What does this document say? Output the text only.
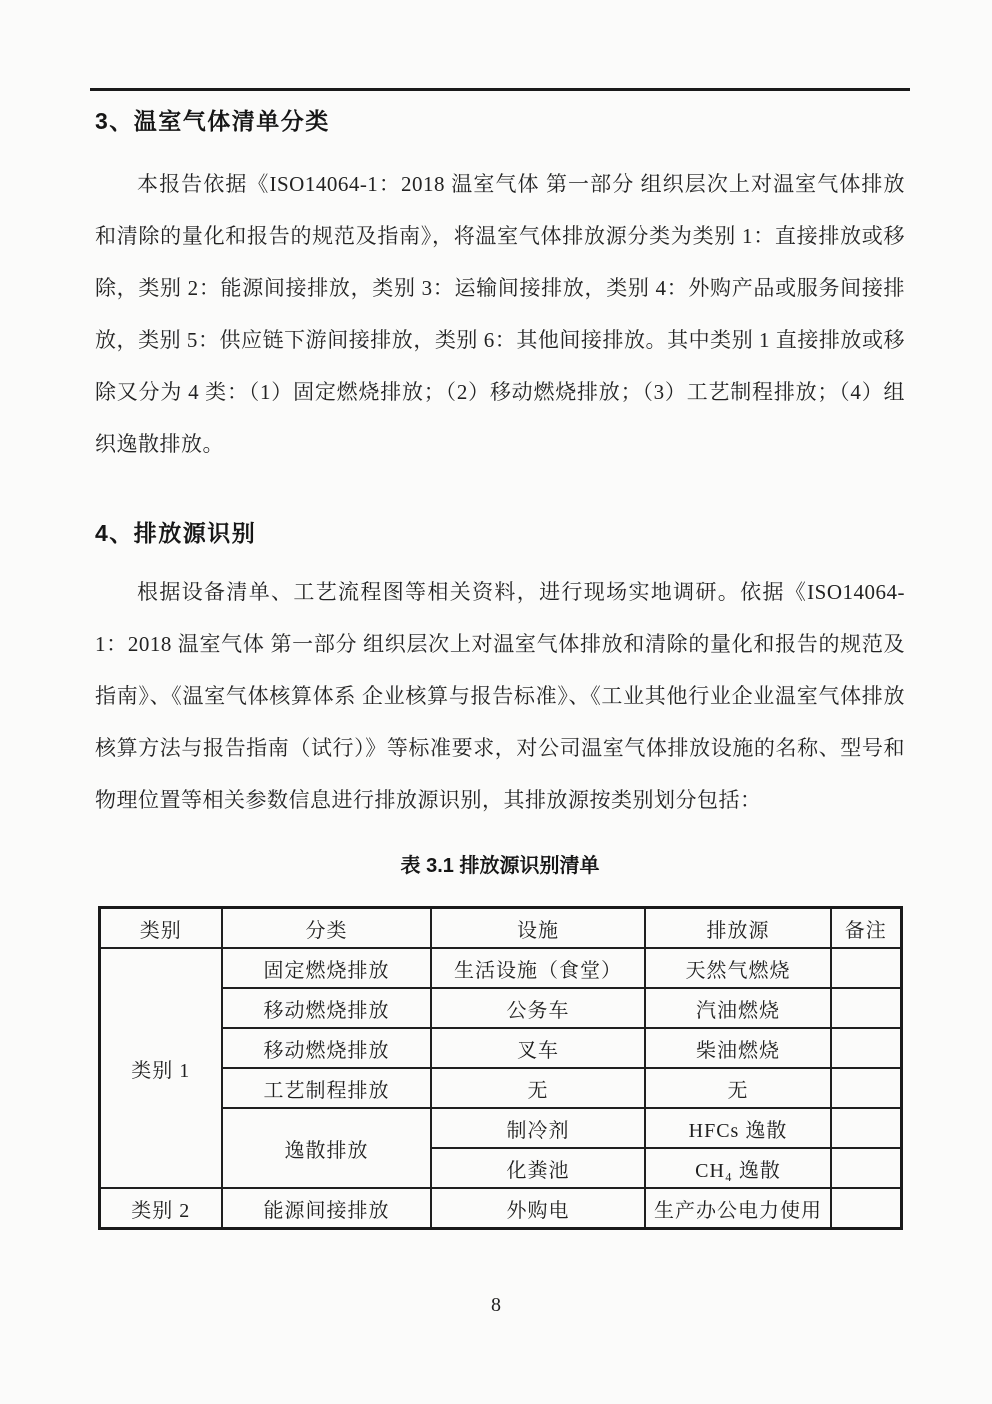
3、温室气体清单分类

本报告依据《ISO14064-1：2018 温室气体 第一部分 组织层次上对温室气体排放和清除的量化和报告的规范及指南》，将温室气体排放源分类为类别 1：直接排放或移除，类别 2：能源间接排放，类别 3：运输间接排放，类别 4：外购产品或服务间接排放，类别 5：供应链下游间接排放，类别 6：其他间接排放。其中类别 1 直接排放或移除又分为 4 类：（1）固定燃烧排放；（2）移动燃烧排放；（3）工艺制程排放；（4）组织逸散排放。

4、排放源识别

根据设备清单、工艺流程图等相关资料，进行现场实地调研。依据《ISO14064-1：2018 温室气体 第一部分 组织层次上对温室气体排放和清除的量化和报告的规范及指南》、《温室气体核算体系 企业核算与报告标准》、《工业其他行业企业温室气体排放核算方法与报告指南（试行）》等标准要求，对公司温室气体排放设施的名称、型号和物理位置等相关参数信息进行排放源识别，其排放源按类别划分包括：

表 3.1 排放源识别清单
类别	分类	设施	排放源	备注
类别 1	固定燃烧排放	生活设施（食堂）	天然气燃烧	
	移动燃烧排放	公务车	汽油燃烧	
	移动燃烧排放	叉车	柴油燃烧	
	工艺制程排放	无	无	
	逸散排放	制冷剂	HFCs 逸散	
		化粪池	CH₄ 逸散	
类别 2	能源间接排放	外购电	生产办公电力使用	
8
